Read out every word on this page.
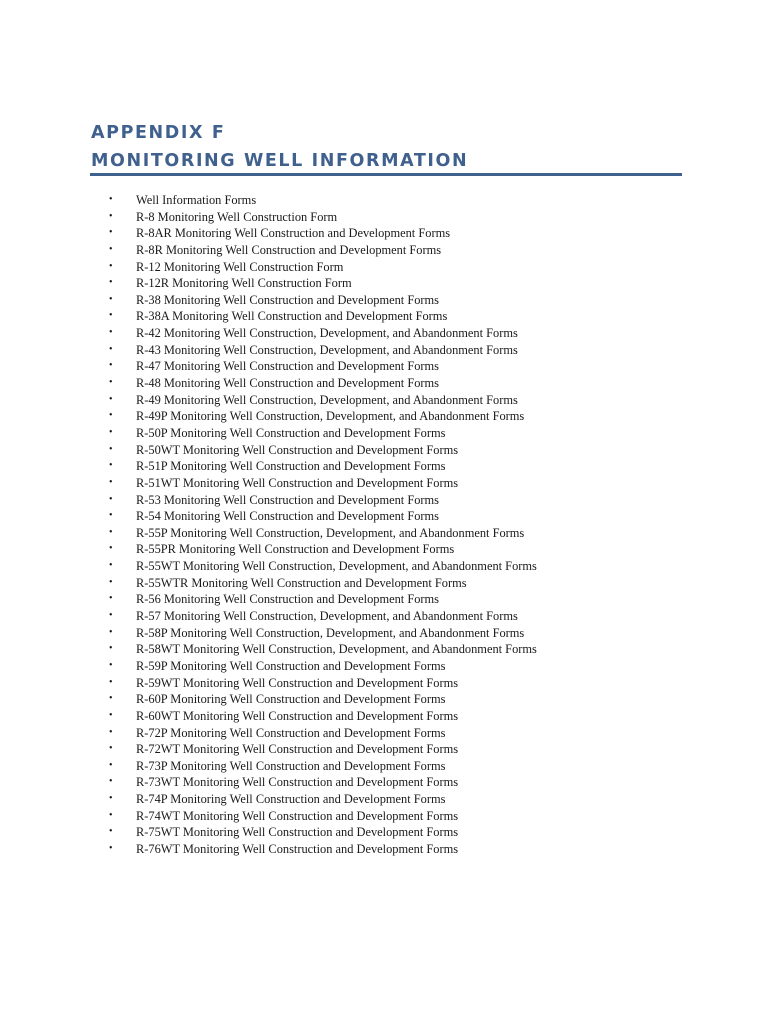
APPENDIX F
MONITORING WELL INFORMATION
• Well Information Forms
• R-8 Monitoring Well Construction Form
• R-8AR Monitoring Well Construction and Development Forms
• R-8R Monitoring Well Construction and Development Forms
• R-12 Monitoring Well Construction Form
• R-12R Monitoring Well Construction Form
• R-38 Monitoring Well Construction and Development Forms
• R-38A Monitoring Well Construction and Development Forms
• R-42 Monitoring Well Construction, Development, and Abandonment Forms
• R-43 Monitoring Well Construction, Development, and Abandonment Forms
• R-47 Monitoring Well Construction and Development Forms
• R-48 Monitoring Well Construction and Development Forms
• R-49 Monitoring Well Construction, Development, and Abandonment Forms
• R-49P Monitoring Well Construction, Development, and Abandonment Forms
• R-50P Monitoring Well Construction and Development Forms
• R-50WT Monitoring Well Construction and Development Forms
• R-51P Monitoring Well Construction and Development Forms
• R-51WT Monitoring Well Construction and Development Forms
• R-53 Monitoring Well Construction and Development Forms
• R-54 Monitoring Well Construction and Development Forms
• R-55P Monitoring Well Construction, Development, and Abandonment Forms
• R-55PR Monitoring Well Construction and Development Forms
• R-55WT Monitoring Well Construction, Development, and Abandonment Forms
• R-55WTR Monitoring Well Construction and Development Forms
• R-56 Monitoring Well Construction and Development Forms
• R-57 Monitoring Well Construction, Development, and Abandonment Forms
• R-58P Monitoring Well Construction, Development, and Abandonment Forms
• R-58WT Monitoring Well Construction, Development, and Abandonment Forms
• R-59P Monitoring Well Construction and Development Forms
• R-59WT Monitoring Well Construction and Development Forms
• R-60P Monitoring Well Construction and Development Forms
• R-60WT Monitoring Well Construction and Development Forms
• R-72P Monitoring Well Construction and Development Forms
• R-72WT Monitoring Well Construction and Development Forms
• R-73P Monitoring Well Construction and Development Forms
• R-73WT Monitoring Well Construction and Development Forms
• R-74P Monitoring Well Construction and Development Forms
• R-74WT Monitoring Well Construction and Development Forms
• R-75WT Monitoring Well Construction and Development Forms
• R-76WT Monitoring Well Construction and Development Forms
